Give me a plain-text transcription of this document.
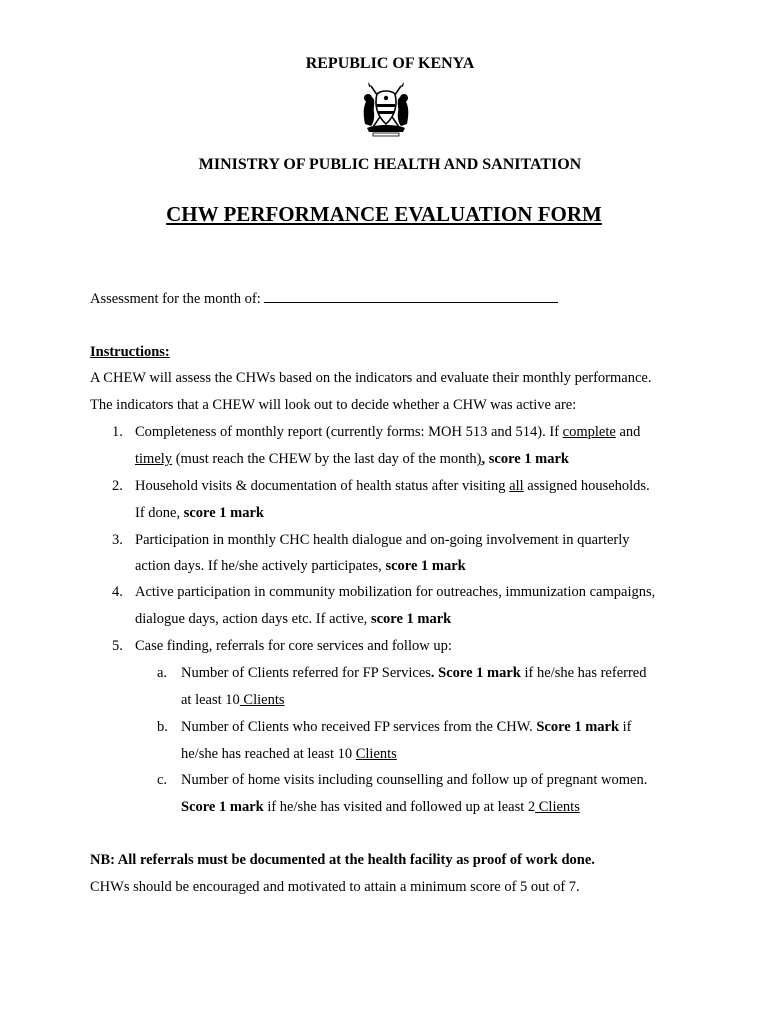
REPUBLIC OF KENYA
MINISTRY OF PUBLIC HEALTH AND SANITATION
CHW PERFORMANCE EVALUATION FORM
Assessment for the month of:
Instructions:
A CHEW will assess the CHWs based on the indicators and evaluate their monthly performance.
The indicators that a CHEW will look out to decide whether a CHW was active are:
1. Completeness of monthly report (currently forms: MOH 513 and 514). If complete and
timely (must reach the CHEW by the last day of the month), score 1 mark
2. Household visits & documentation of health status after visiting all assigned households.
If done, score 1 mark
3. Participation in monthly CHC health dialogue and on-going involvement in quarterly
action days. If he/she actively participates, score 1 mark
4. Active participation in community mobilization for outreaches, immunization campaigns,
dialogue days, action days etc. If active, score 1 mark
5. Case finding, referrals for core services and follow up:
a. Number of Clients referred for FP Services. Score 1 mark if he/she has referred
at least 10 Clients
b. Number of Clients who received FP services from the CHW. Score 1 mark if
he/she has reached at least 10 Clients
c. Number of home visits including counselling and follow up of pregnant women.
Score 1 mark if he/she has visited and followed up at least 2 Clients
NB: All referrals must be documented at the health facility as proof of work done.
CHWs should be encouraged and motivated to attain a minimum score of 5 out of 7.
